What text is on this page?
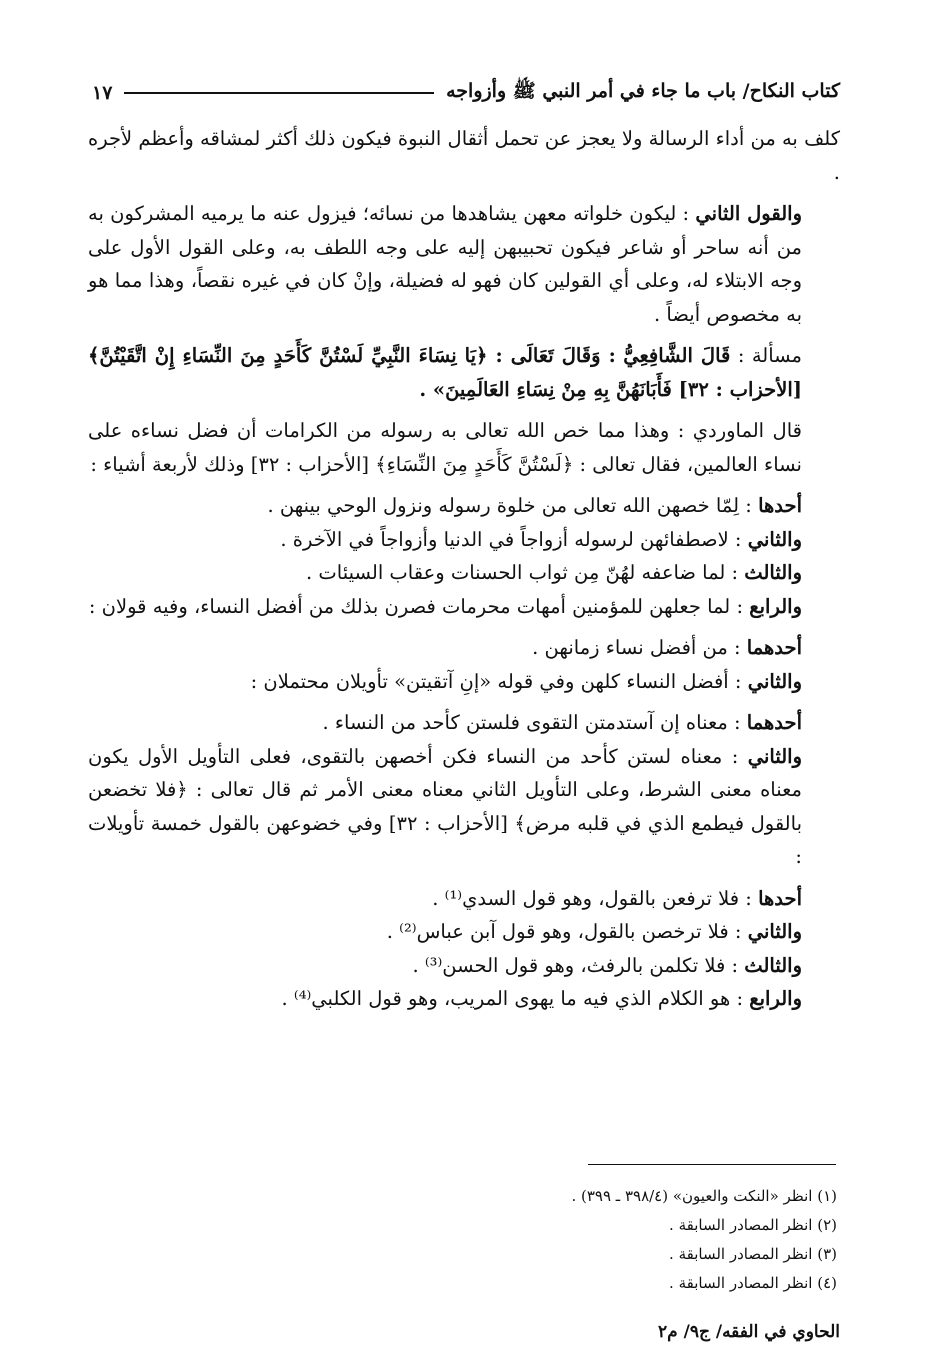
كتاب النكاح/ باب ما جاء في أمر النبي ﷺ وأزواجه
١٧

كلف به من أداء الرسالة ولا يعجز عن تحمل أثقال النبوة فيكون ذلك أكثر لمشاقه وأعظم لأجره .

والقول الثاني : ليكون خلواته معهن يشاهدها من نسائه؛ فيزول عنه ما يرميه المشركون به من أنه ساحر أو شاعر فيكون تحبيبهن إليه على وجه اللطف به، وعلى القول الأول على وجه الابتلاء له، وعلى أي القولين كان فهو له فضيلة، وإنْ كان في غيره نقصاً، وهذا مما هو به مخصوص أيضاً .

مسألة : قَالَ الشَّافِعِيُّ : وَقَالَ تَعَالَى : ﴿يَا نِسَاءَ النَّبِيِّ لَسْتُنَّ كَأَحَدٍ مِنَ النِّسَاءِ إِنْ اتَّقَيْتُنَّ﴾ [الأحزاب : ٣٢] فَأَبَانَهُنَّ بِهِ مِنْ نِسَاءِ العَالَمِينَ» .

قال الماوردي : وهذا مما خص الله تعالى به رسوله من الكرامات أن فضل نساءه على نساء العالمين، فقال تعالى : ﴿لَسْتُنَّ كَأَحَدٍ مِنَ النِّسَاءِ﴾ [الأحزاب : ٣٢] وذلك لأربعة أشياء :

أحدها : لِمّا خصهن الله تعالى من خلوة رسوله ونزول الوحي بينهن .

والثاني : لاصطفائهن لرسوله أزواجاً في الدنيا وأزواجاً في الآخرة .

والثالث : لما ضاعفه لهُنّ مِن ثواب الحسنات وعقاب السيئات .

والرابع : لما جعلهن للمؤمنين أمهات محرمات فصرن بذلك من أفضل النساء، وفيه قولان :

أحدهما : من أفضل نساء زمانهن .

والثاني : أفضل النساء كلهن وفي قوله «إنِ آتقيتن» تأويلان محتملان :

أحدهما : معناه إن آستدمتن التقوى فلستن كأحد من النساء .

والثاني : معناه لستن كأحد من النساء فكن أخصهن بالتقوى، فعلى التأويل الأول يكون معناه معنى الشرط، وعلى التأويل الثاني معناه معنى الأمر ثم قال تعالى : ﴿فلا تخضعن بالقول فيطمع الذي في قلبه مرض﴾ [الأحزاب : ٣٢] وفي خضوعهن بالقول خمسة تأويلات :

أحدها : فلا ترفعن بالقول، وهو قول السدي⁽¹⁾ .

والثاني : فلا ترخصن بالقول، وهو قول آبن عباس⁽²⁾ .

والثالث : فلا تكلمن بالرفث، وهو قول الحسن⁽³⁾ .

والرابع : هو الكلام الذي فيه ما يهوى المريب، وهو قول الكلبي⁽⁴⁾ .

(١) انظر «النكت والعيون» (٣٩٨/٤ ـ ٣٩٩) .
(٢) انظر المصادر السابقة .
(٣) انظر المصادر السابقة .
(٤) انظر المصادر السابقة .
الحاوي في الفقه/ ج٩/ م٢
